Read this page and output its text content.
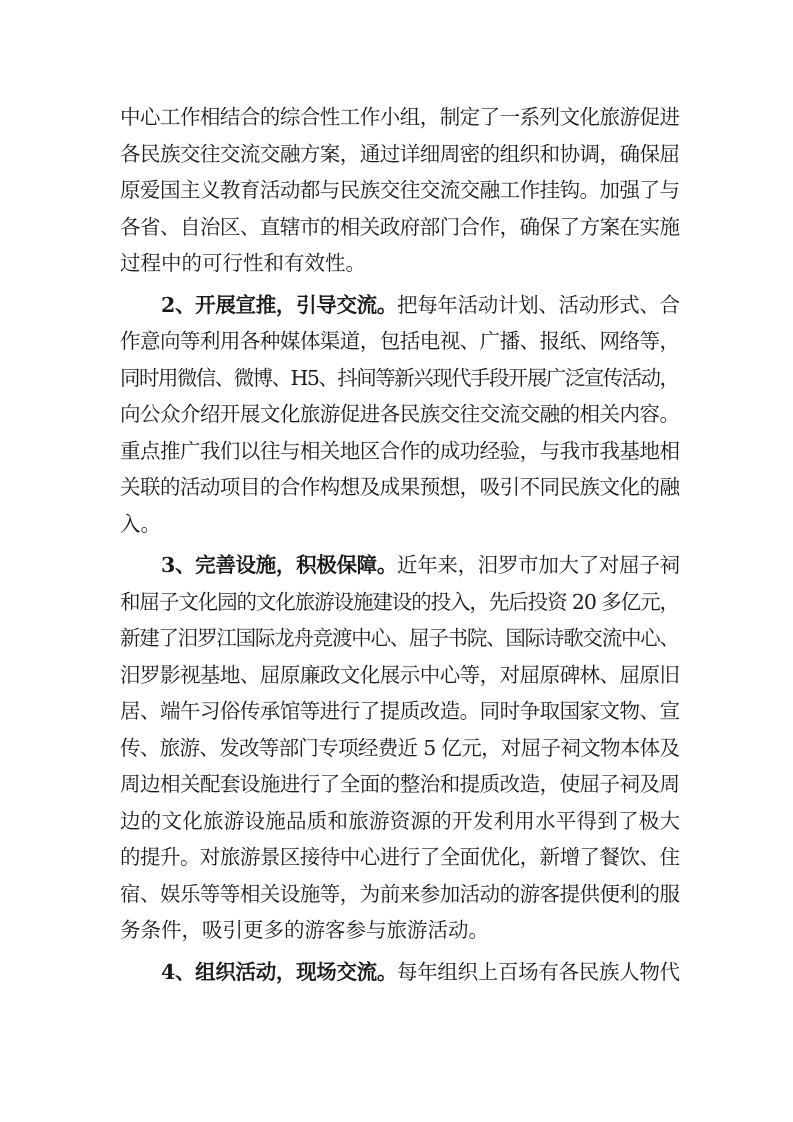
中心工作相结合的综合性工作小组，制定了一系列文化旅游促进
各民族交往交流交融方案，通过详细周密的组织和协调，确保屈
原爱国主义教育活动都与民族交往交流交融工作挂钩。加强了与
各省、自治区、直辖市的相关政府部门合作，确保了方案在实施
过程中的可行性和有效性。
2、开展宣推，引导交流。把每年活动计划、活动形式、合
作意向等利用各种媒体渠道，包括电视、广播、报纸、网络等，
同时用微信、微博、H5、抖间等新兴现代手段开展广泛宣传活动，
向公众介绍开展文化旅游促进各民族交往交流交融的相关内容。
重点推广我们以往与相关地区合作的成功经验，与我市我基地相
关联的活动项目的合作构想及成果预想，吸引不同民族文化的融
入。
3、完善设施，积极保障。近年来，汨罗市加大了对屈子祠
和屈子文化园的文化旅游设施建设的投入，先后投资 20 多亿元，
新建了汨罗江国际龙舟竞渡中心、屈子书院、国际诗歌交流中心、
汨罗影视基地、屈原廉政文化展示中心等，对屈原碑林、屈原旧
居、端午习俗传承馆等进行了提质改造。同时争取国家文物、宣
传、旅游、发改等部门专项经费近 5 亿元，对屈子祠文物本体及
周边相关配套设施进行了全面的整治和提质改造，使屈子祠及周
边的文化旅游设施品质和旅游资源的开发利用水平得到了极大
的提升。对旅游景区接待中心进行了全面优化，新增了餐饮、住
宿、娱乐等等相关设施等，为前来参加活动的游客提供便利的服
务条件，吸引更多的游客参与旅游活动。
4、组织活动，现场交流。每年组织上百场有各民族人物代
